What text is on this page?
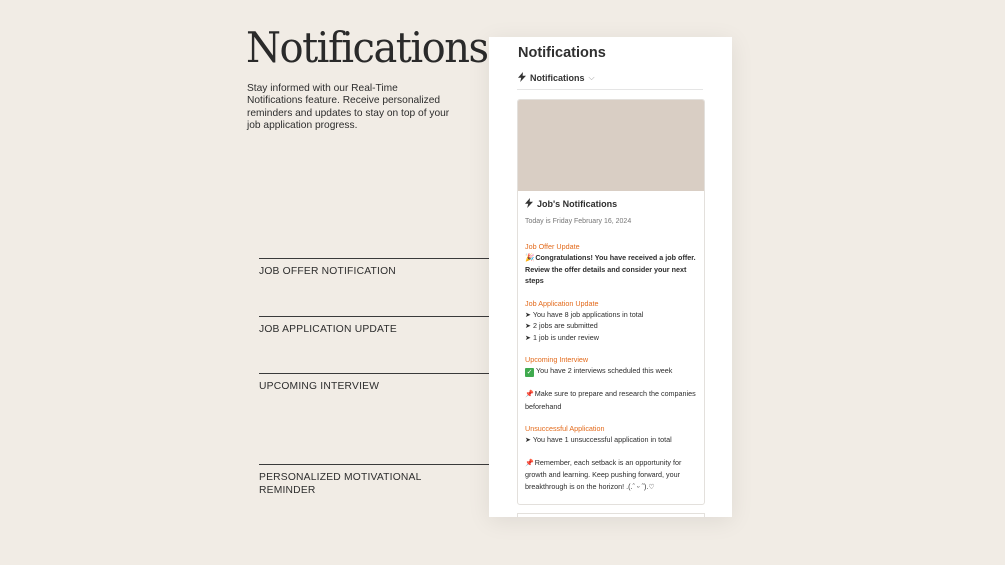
Notifications

Stay informed with our Real-Time Notifications feature. Receive personalized reminders and updates to stay on top of your job application progress.

JOB OFFER NOTIFICATION
JOB APPLICATION UPDATE
UPCOMING INTERVIEW
PERSONALIZED MOTIVATIONAL REMINDER
Notifications
Notifications ⌵
Job's Notifications
Today is Friday February 16, 2024
Job Offer Update
🎉Congratulations! You have received a job offer. Review the offer details and consider your next steps
Job Application Update
➤ You have 8 job applications in total
➤ 2 jobs are submitted
➤ 1 job is under review
Upcoming Interview
✓ You have 2 interviews scheduled this week
📌Make sure to prepare and research the companies beforehand
Unsuccessful Application
➤ You have 1 unsuccessful application in total
📌Remember, each setback is an opportunity for growth and learning. Keep pushing forward, your breakthrough is on the horizon! .(.ˆ ᵕ ˆ).♡
